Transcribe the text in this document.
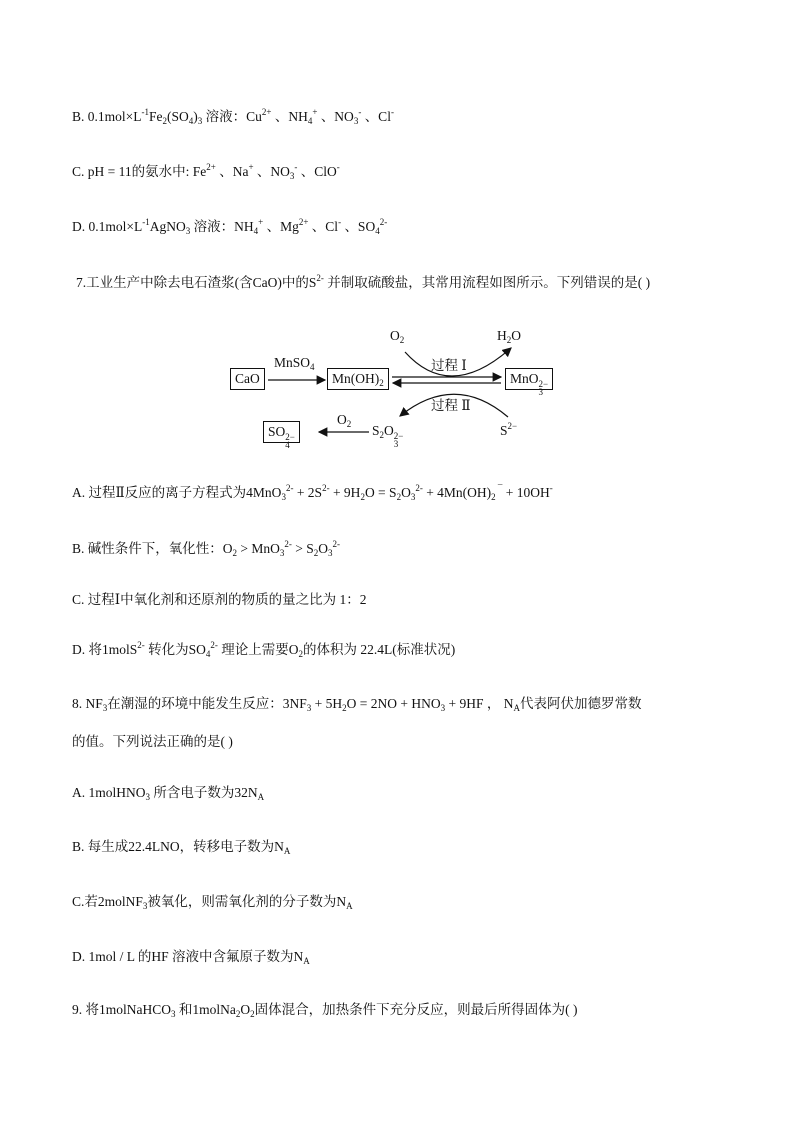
B. $0.1mol\times L^{-1}Fe_2(SO_4)_3$ 溶液：$Cu^{2+}$ 、$NH_4^+$ 、$NO_3^-$ 、Cl-
C. pH = 11的氨水中: $Fe^{2+}$ 、Na+ 、$NO_3^-$ 、ClO-
D. $0.1mol\times L^{-1}AgNO_3$ 溶液：$NH_4^+$ 、$Mg^{2+}$ 、Cl- 、$SO_4^{2-}$
7.工业生产中除去电石渣浆(含CaO)中的$S^{2-}$ 并制取硫酸盐，其常用流程如图所示。下列错误的是( )
CaO
MnSO$_4$
$Mn(OH)_2$	MnO 2−
3
$O_2$	$H_2O$
过程 Ⅰ
过程 Ⅱ
$S_2O$ 2−
3
$S^{2-}$
$O_2$
SO 2−
4
A. 过程Ⅱ反应的离子方程式为$4MnO_3^{2-} + 2S^{2-} + 9H_2O = S_2O_3^{2-} + 4Mn(OH)_2$ ¯ + 10OH-
B. 碱性条件下，氧化性：$O_2 > MnO_3^{2-} > S_2O_3^{2-}$
C. 过程Ⅰ中氧化剂和还原剂的物质的量之比为 1：2
D. 将1molS$^{2-}$ 转化为$SO_4^{2-}$ 理论上需要$O_2$的体积为 22.4L(标准状况)
8. $NF_3$在潮湿的环境中能发生反应：$3NF_3 + 5H_2O = 2NO + HNO_3 + 9HF$ ， $N_A$代表阿伏加德罗常数
的值。下列说法正确的是( )
A. 1molHNO$_3$ 所含电子数为$32N_A$
B. 每生成22.4LNO，转移电子数为$N_A$
C.若2molNF$_3$被氧化，则需氧化剂的分子数为$N_A$
D. 1mol / L 的HF 溶液中含氟原子数为$N_A$
9. 将1molNaHCO$_3$ 和$1molNa_2O_2$固体混合，加热条件下充分反应，则最后所得固体为( )
